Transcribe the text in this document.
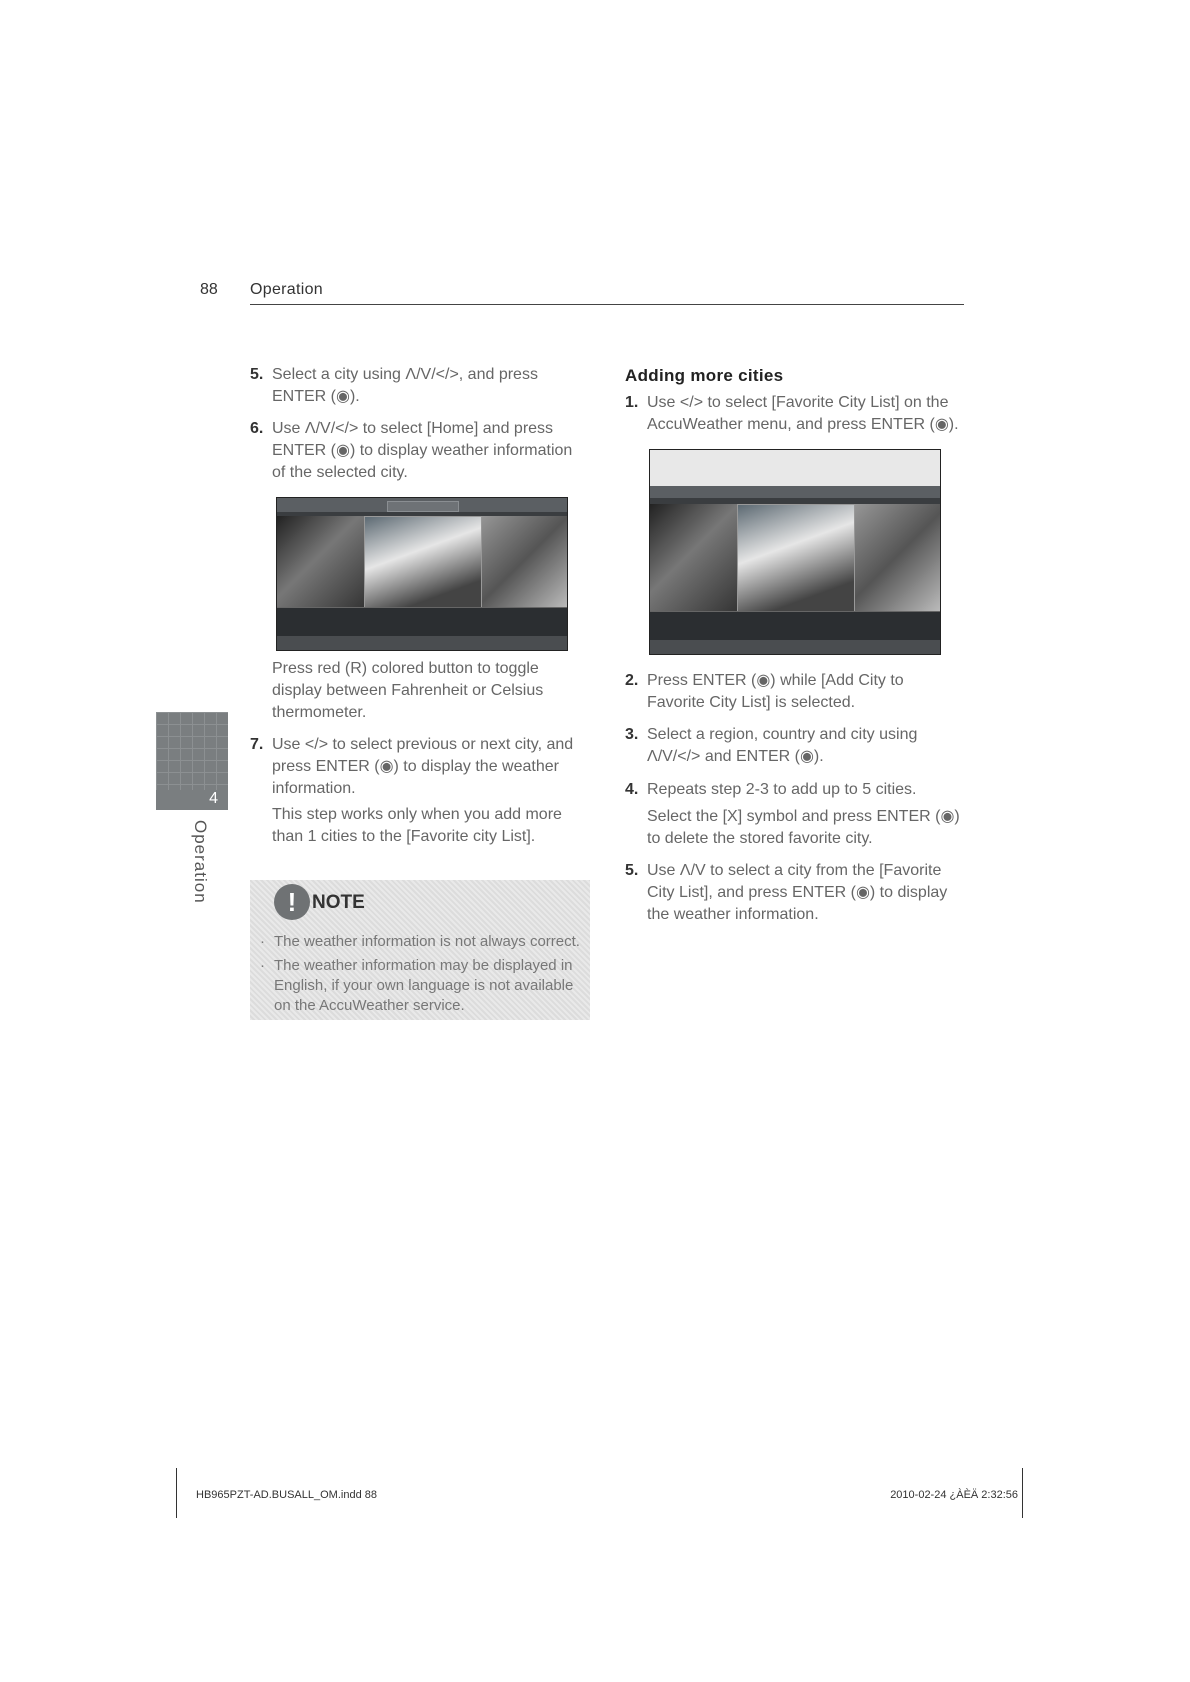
88 Operation
5. Select a city using Λ/V/</>, and press ENTER (◉).
6. Use Λ/V/</> to select [Home] and press ENTER (◉) to display weather information of the selected city.
Press red (R) colored button to toggle display between Fahrenheit or Celsius thermometer.
7. Use </> to select previous or next city, and press ENTER (◉) to display the weather information.
This step works only when you add more than 1 cities to the [Favorite city List].
! NOTE
· The weather information is not always correct.
· The weather information may be displayed in English, if your own language is not available on the AccuWeather service.
4
Operation
Adding more cities
1. Use </> to select [Favorite City List] on the AccuWeather menu, and press ENTER (◉).
2. Press ENTER (◉) while [Add City to Favorite City List] is selected.
3. Select a region, country and city using Λ/V/</> and ENTER (◉).
4. Repeats step 2-3 to add up to 5 cities.
Select the [X] symbol and press ENTER (◉) to delete the stored favorite city.
5. Use Λ/V to select a city from the [Favorite City List], and press ENTER (◉) to display the weather information.
HB965PZT-AD.BUSALL_OM.indd 88	2010-02-24 ¿ÀÈÄ 2:32:56
